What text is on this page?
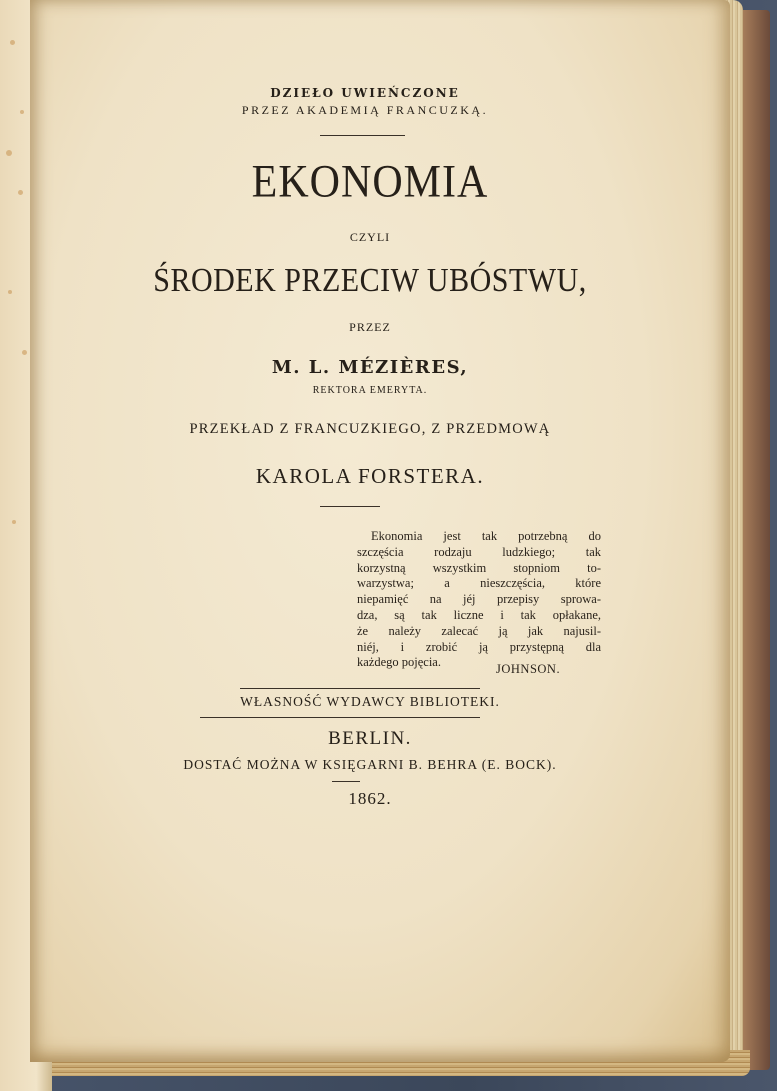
DZIEŁO UWIEŃCZONE
PRZEZ AKADEMIĄ FRANCUZKĄ.
EKONOMIA
CZYLI
ŚRODEK PRZECIW UBÓSTWU,
PRZEZ
M. L. MÉZIÈRES,
REKTORA EMERYTA.
PRZEKŁAD Z FRANCUZKIEGO, Z PRZEDMOWĄ
KAROLA FORSTERA.
Ekonomia jest tak potrzebną do
szczęścia rodzaju ludzkiego; tak
korzystną wszystkim stopniom to-
warzystwa; a nieszczęścia, które
niepamięć na jéj przepisy sprowa-
dza, są tak liczne i tak opłakane,
że należy zalecać ją jak najusil-
niéj, i zrobić ją przystępną dla
każdego pojęcia.	JOHNSON.
WŁASNOŚĆ WYDAWCY BIBLIOTEKI.
BERLIN.
DOSTAĆ MOŻNA W KSIĘGARNI B. BEHRA (E. BOCK).
1862.
